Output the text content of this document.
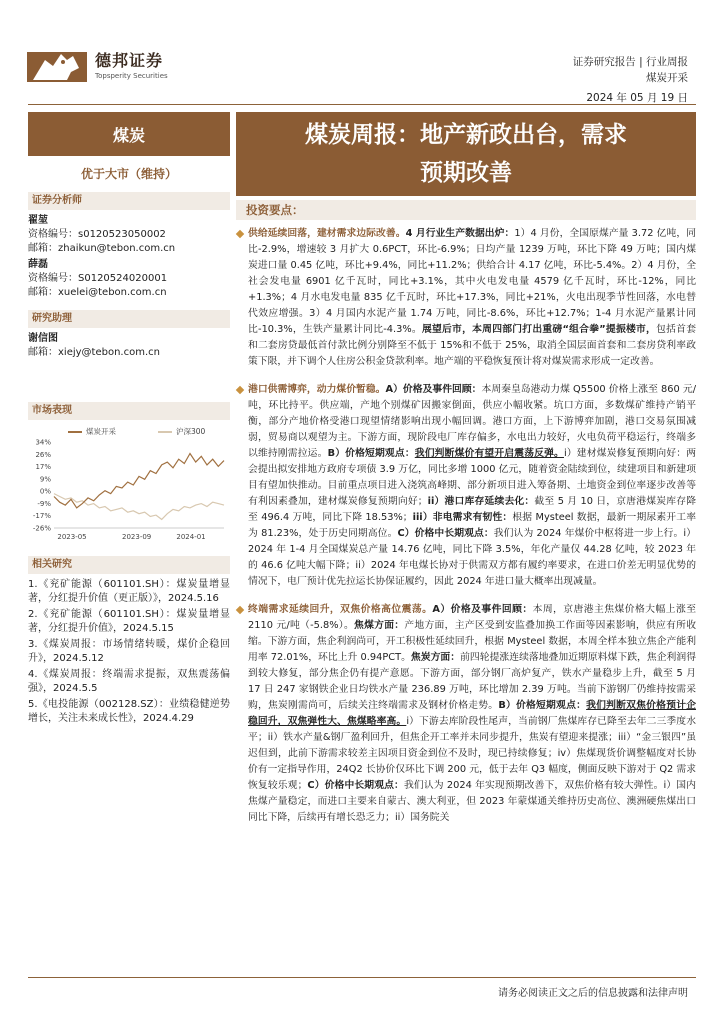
德邦证券
Topsperity Securities
证券研究报告 | 行业周报
煤炭开采
2024 年 05 月 19 日
煤炭
优于大市（维持）
煤炭周报：地产新政出台，需求
预期改善
证券分析师
翟堃
资格编号：s0120523050002
邮箱：zhaikun@tebon.com.cn
薛磊
资格编号：S0120524020001
邮箱：xuelei@tebon.com.cn
研究助理
谢信图
邮箱：xiejy@tebon.com.cn
市场表现
煤炭开采	沪深300
34%
26%
17%
9%
0%
-9%
-17%
-26%
2023-05	2023-09	2024-01
相关研究
1.《兖矿能源（601101.SH）：煤炭量增显著，分红提升价值（更正版）》，2024.5.16
2.《兖矿能源（601101.SH）：煤炭量增显著，分红提升价值》，2024.5.15
3.《煤炭周报：市场情绪转暖，煤价企稳回升》，2024.5.12
4.《煤炭周报：终端需求提振，双焦震荡偏强》，2024.5.5
5.《电投能源（002128.SZ）：业绩稳健逆势增长，关注未来成长性》，2024.4.29
投资要点：
供给延续回落，建材需求边际改善。4 月行业生产数据出炉：1）4 月份，全国原煤产量 3.72 亿吨，同比-2.9%，增速较 3 月扩大 0.6PCT，环比-6.9%；日均产量 1239 万吨，环比下降 49 万吨；国内煤炭进口量 0.45 亿吨，环比+9.4%，同比+11.2%；供给合计 4.17 亿吨，环比-5.4%。2）4 月份，全社会发电量 6901 亿千瓦时，同比+3.1%，其中火电发电量 4579 亿千瓦时，环比-12%，同比+1.3%；4 月水电发电量 835 亿千瓦时，环比+17.3%，同比+21%，火电出现季节性回落，水电替代效应增强。3）4 月国内水泥产量 1.74 万吨，同比-8.6%，环比+12.7%；1-4 月水泥产量累计同比-10.3%，生铁产量累计同比-4.3%。展望后市，本周四部门打出重磅“组合拳”提振楼市，包括首套和二套房贷最低首付款比例分别降至不低于 15%和不低于 25%，取消全国层面首套和二套房贷利率政策下限，并下调个人住房公积金贷款利率。地产端的平稳恢复预计将对煤炭需求形成一定改善。
港口供需博弈，动力煤价暂稳。A）价格及事件回顾：本周秦皇岛港动力煤 Q5500 价格上涨至 860 元/吨，环比持平。供应端，产地个别煤矿因搬家倒面，供应小幅收紧。坑口方面，多数煤矿维持产销平衡，部分产地价格受港口现望情绪影响出现小幅回调。港口方面，上下游博弈加剧，港口交易氛围减弱，贸易商以观望为主。下游方面，现阶段电厂库存偏多，水电出力较好，火电负荷平稳运行，终端多以维持刚需拉运。B）价格短期观点：我们判断煤价有望开启震荡反弹。i）建材煤炭修复预期向好：两会提出拟安排地方政府专项债 3.9 万亿，同比多增 1000 亿元，随着资金陆续到位，续建项目和新建项目有望加快推动。目前重点项目进入浇筑高峰期、部分新项目进入筹备期、土地资金到位率逐步改善等有利因素叠加，建材煤炭修复预期向好；ii）港口库存延续去化：截至 5 月 10 日，京唐港煤炭库存降至 496.4 万吨，同比下降 18.53%；iii）非电需求有韧性：根据 Mysteel 数据，最新一期尿素开工率为 81.23%，处于历史同期高位。C）价格中长期观点：我们认为 2024 年煤价中枢将进一步上行。i）2024 年 1-4 月全国煤炭总产量 14.76 亿吨，同比下降 3.5%，年化产量仅 44.28 亿吨，较 2023 年的 46.6 亿吨大幅下降；ii）2024 年电煤长协对于供需双方都有履约率要求，在进口价差无明显优势的情况下，电厂预计优先拉运长协保证履约，因此 2024 年进口量大概率出现减量。
终端需求延续回升，双焦价格高位震荡。A）价格及事件回顾：本周，京唐港主焦煤价格大幅上涨至 2110 元/吨（-5.8%）。焦煤方面：产地方面，主产区受到安监叠加换工作面等因素影响，供应有所收缩。下游方面，焦企利润尚可，开工积极性延续回升，根据 Mysteel 数据，本周全样本独立焦企产能利用率 72.01%，环比上升 0.94PCT。焦炭方面：前四轮提涨连续落地叠加近期原料煤下跌，焦企利润得到较大修复，部分焦企仍有提产意愿。下游方面，部分钢厂高炉复产，铁水产量稳步上升，截至 5 月 17 日 247 家钢铁企业日均铁水产量 236.89 万吨，环比增加 2.39 万吨。当前下游钢厂仍维持按需采购，焦炭刚需尚可，后续关注终端需求及钢材价格走势。B）价格短期观点：我们判断双焦价格预计企稳回升，双焦弹性大、焦煤略率高。i）下游去库阶段性尾声，当前钢厂焦煤库存已降至去年二三季度水平；ii）铁水产量&钢厂盈利回升，但焦企开工率并未同步提升，焦炭有望迎来提涨；iii）“金三银四”虽迟但到，此前下游需求较差主因项目资金到位不及时，现已持续修复；iv）焦煤现货价调整幅度对长协价有一定指导作用，24Q2 长协价仅环比下调 200 元，低于去年 Q3 幅度，侧面反映下游对于 Q2 需求恢复较乐观；C）价格中长期观点：我们认为 2024 年实现预期改善下，双焦价格有较大弹性。i）国内焦煤产量稳定，而进口主要来自蒙古、澳大利亚，但 2023 年蒙煤通关维持历史高位、澳洲硬焦煤出口同比下降，后续再有增长恐乏力；ii）国务院关
请务必阅读正文之后的信息披露和法律声明
